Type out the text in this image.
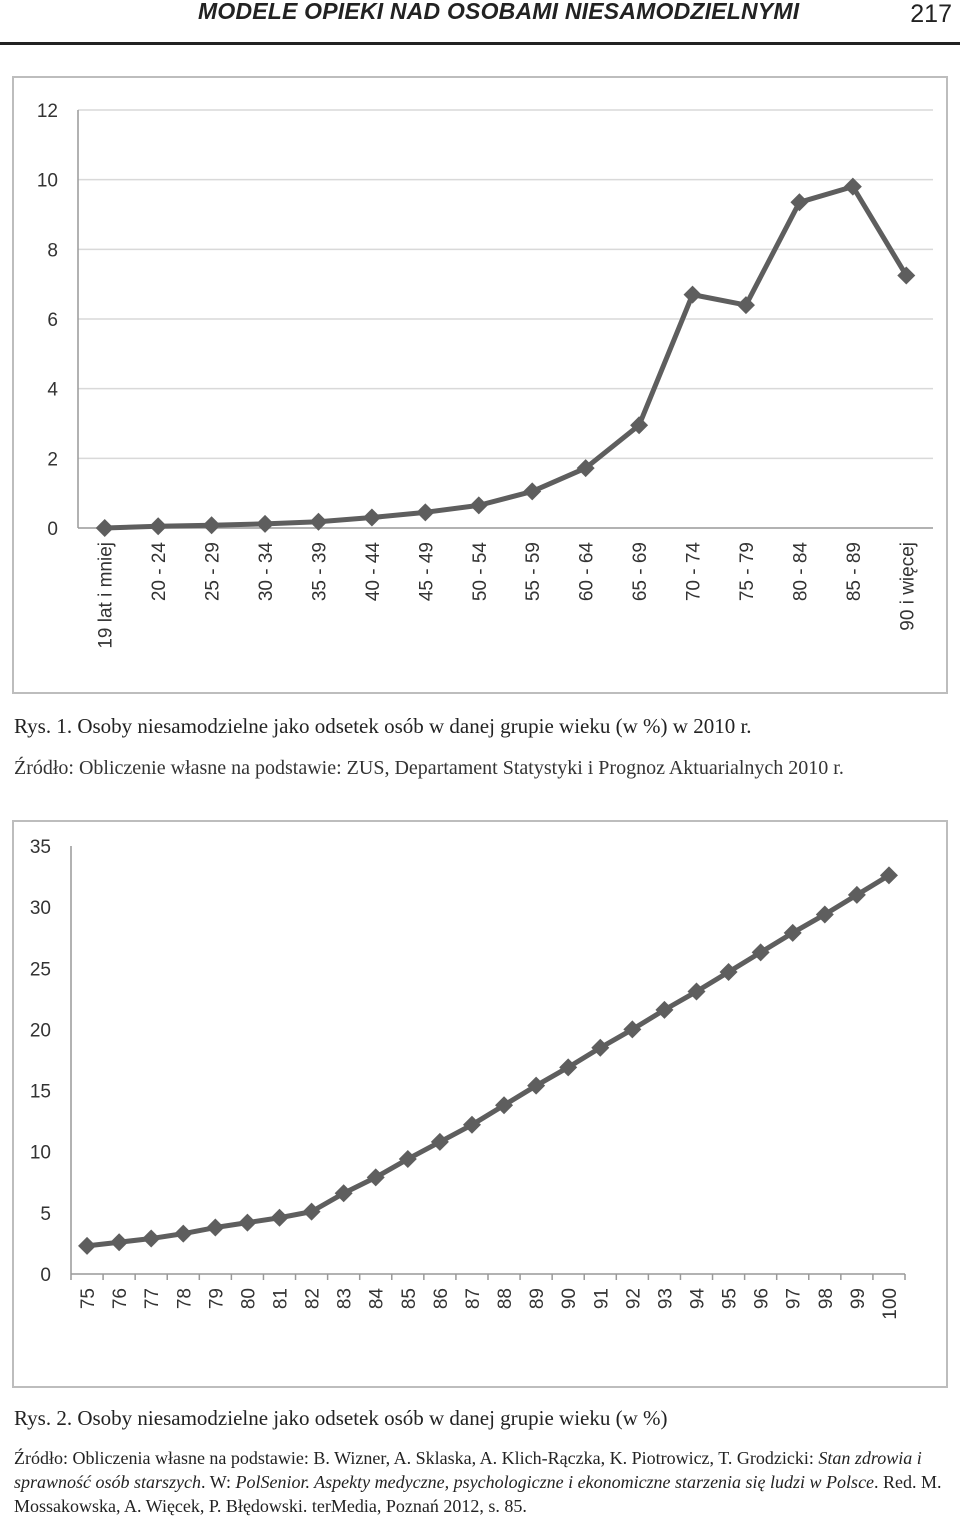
MODELE OPIEKI NAD OSOBAMI NIESAMODZIELNYMI	217
0
2
4
6
8
10
12
19 lat i mniej 20 - 24 25 - 29 30 - 34 35 - 39 40 - 44 45 - 49 50 - 54 55 - 59 60 - 64 65 - 69 70 - 74 75 - 79 80 - 84 85 - 89 90 i więcej
Rys. 1. Osoby niesamodzielne jako odsetek osób w danej grupie wieku (w %) w 2010 r.
Źródło: Obliczenie własne na podstawie: ZUS, Departament Statystyki i Prognoz Aktuarialnych 2010 r.
0
5
10
15
20
25
30
35
75 76 77 78 79 80 81 82 83 84 85 86 87 88 89 90 91 92 93 94 95 96 97 98 99 100
Rys. 2. Osoby niesamodzielne jako odsetek osób w danej grupie wieku (w %)
Źródło: Obliczenia własne na podstawie: B. Wizner, A. Sklaska, A. Klich-Rączka, K. Piotrowicz, T. Grodzicki: Stan zdrowia i sprawność osób starszych. W: PolSenior. Aspekty medyczne, psychologiczne i ekonomiczne starzenia się ludzi w Polsce. Red. M. Mossakowska, A. Więcek, P. Błędowski. terMedia, Poznań 2012, s. 85.
